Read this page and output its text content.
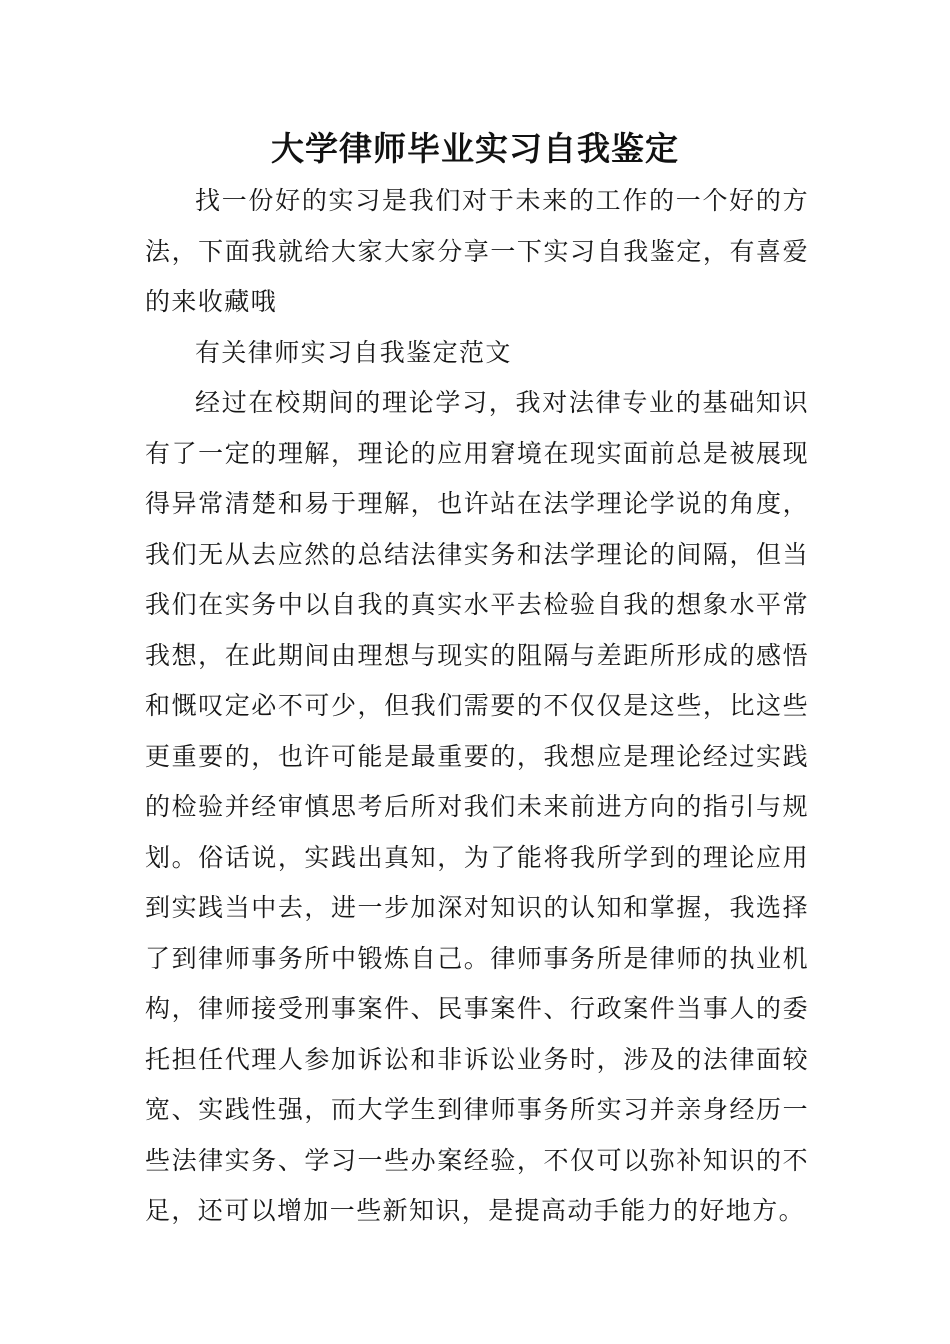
大学律师毕业实习自我鉴定

找一份好的实习是我们对于未来的工作的一个好的方法，下面我就给大家大家分享一下实习自我鉴定，有喜爱的来收藏哦

有关律师实习自我鉴定范文

经过在校期间的理论学习，我对法律专业的基础知识有了一定的理解，理论的应用窘境在现实面前总是被展现得异常清楚和易于理解，也许站在法学理论学说的角度，我们无从去应然的总结法律实务和法学理论的间隔，但当我们在实务中以自我的真实水平去检验自我的想象水平常我想，在此期间由理想与现实的阻隔与差距所形成的感悟和慨叹定必不可少，但我们需要的不仅仅是这些，比这些更重要的，也许可能是最重要的，我想应是理论经过实践的检验并经审慎思考后所对我们未来前进方向的指引与规划。俗话说，实践出真知，为了能将我所学到的理论应用到实践当中去，进一步加深对知识的认知和掌握，我选择了到律师事务所中锻炼自己。律师事务所是律师的执业机构，律师接受刑事案件、民事案件、行政案件当事人的委托担任代理人参加诉讼和非诉讼业务时，涉及的法律面较宽、实践性强，而大学生到律师事务所实习并亲身经历一些法律实务、学习一些办案经验，不仅可以弥补知识的不足，还可以增加一些新知识，是提高动手能力的好地方。
